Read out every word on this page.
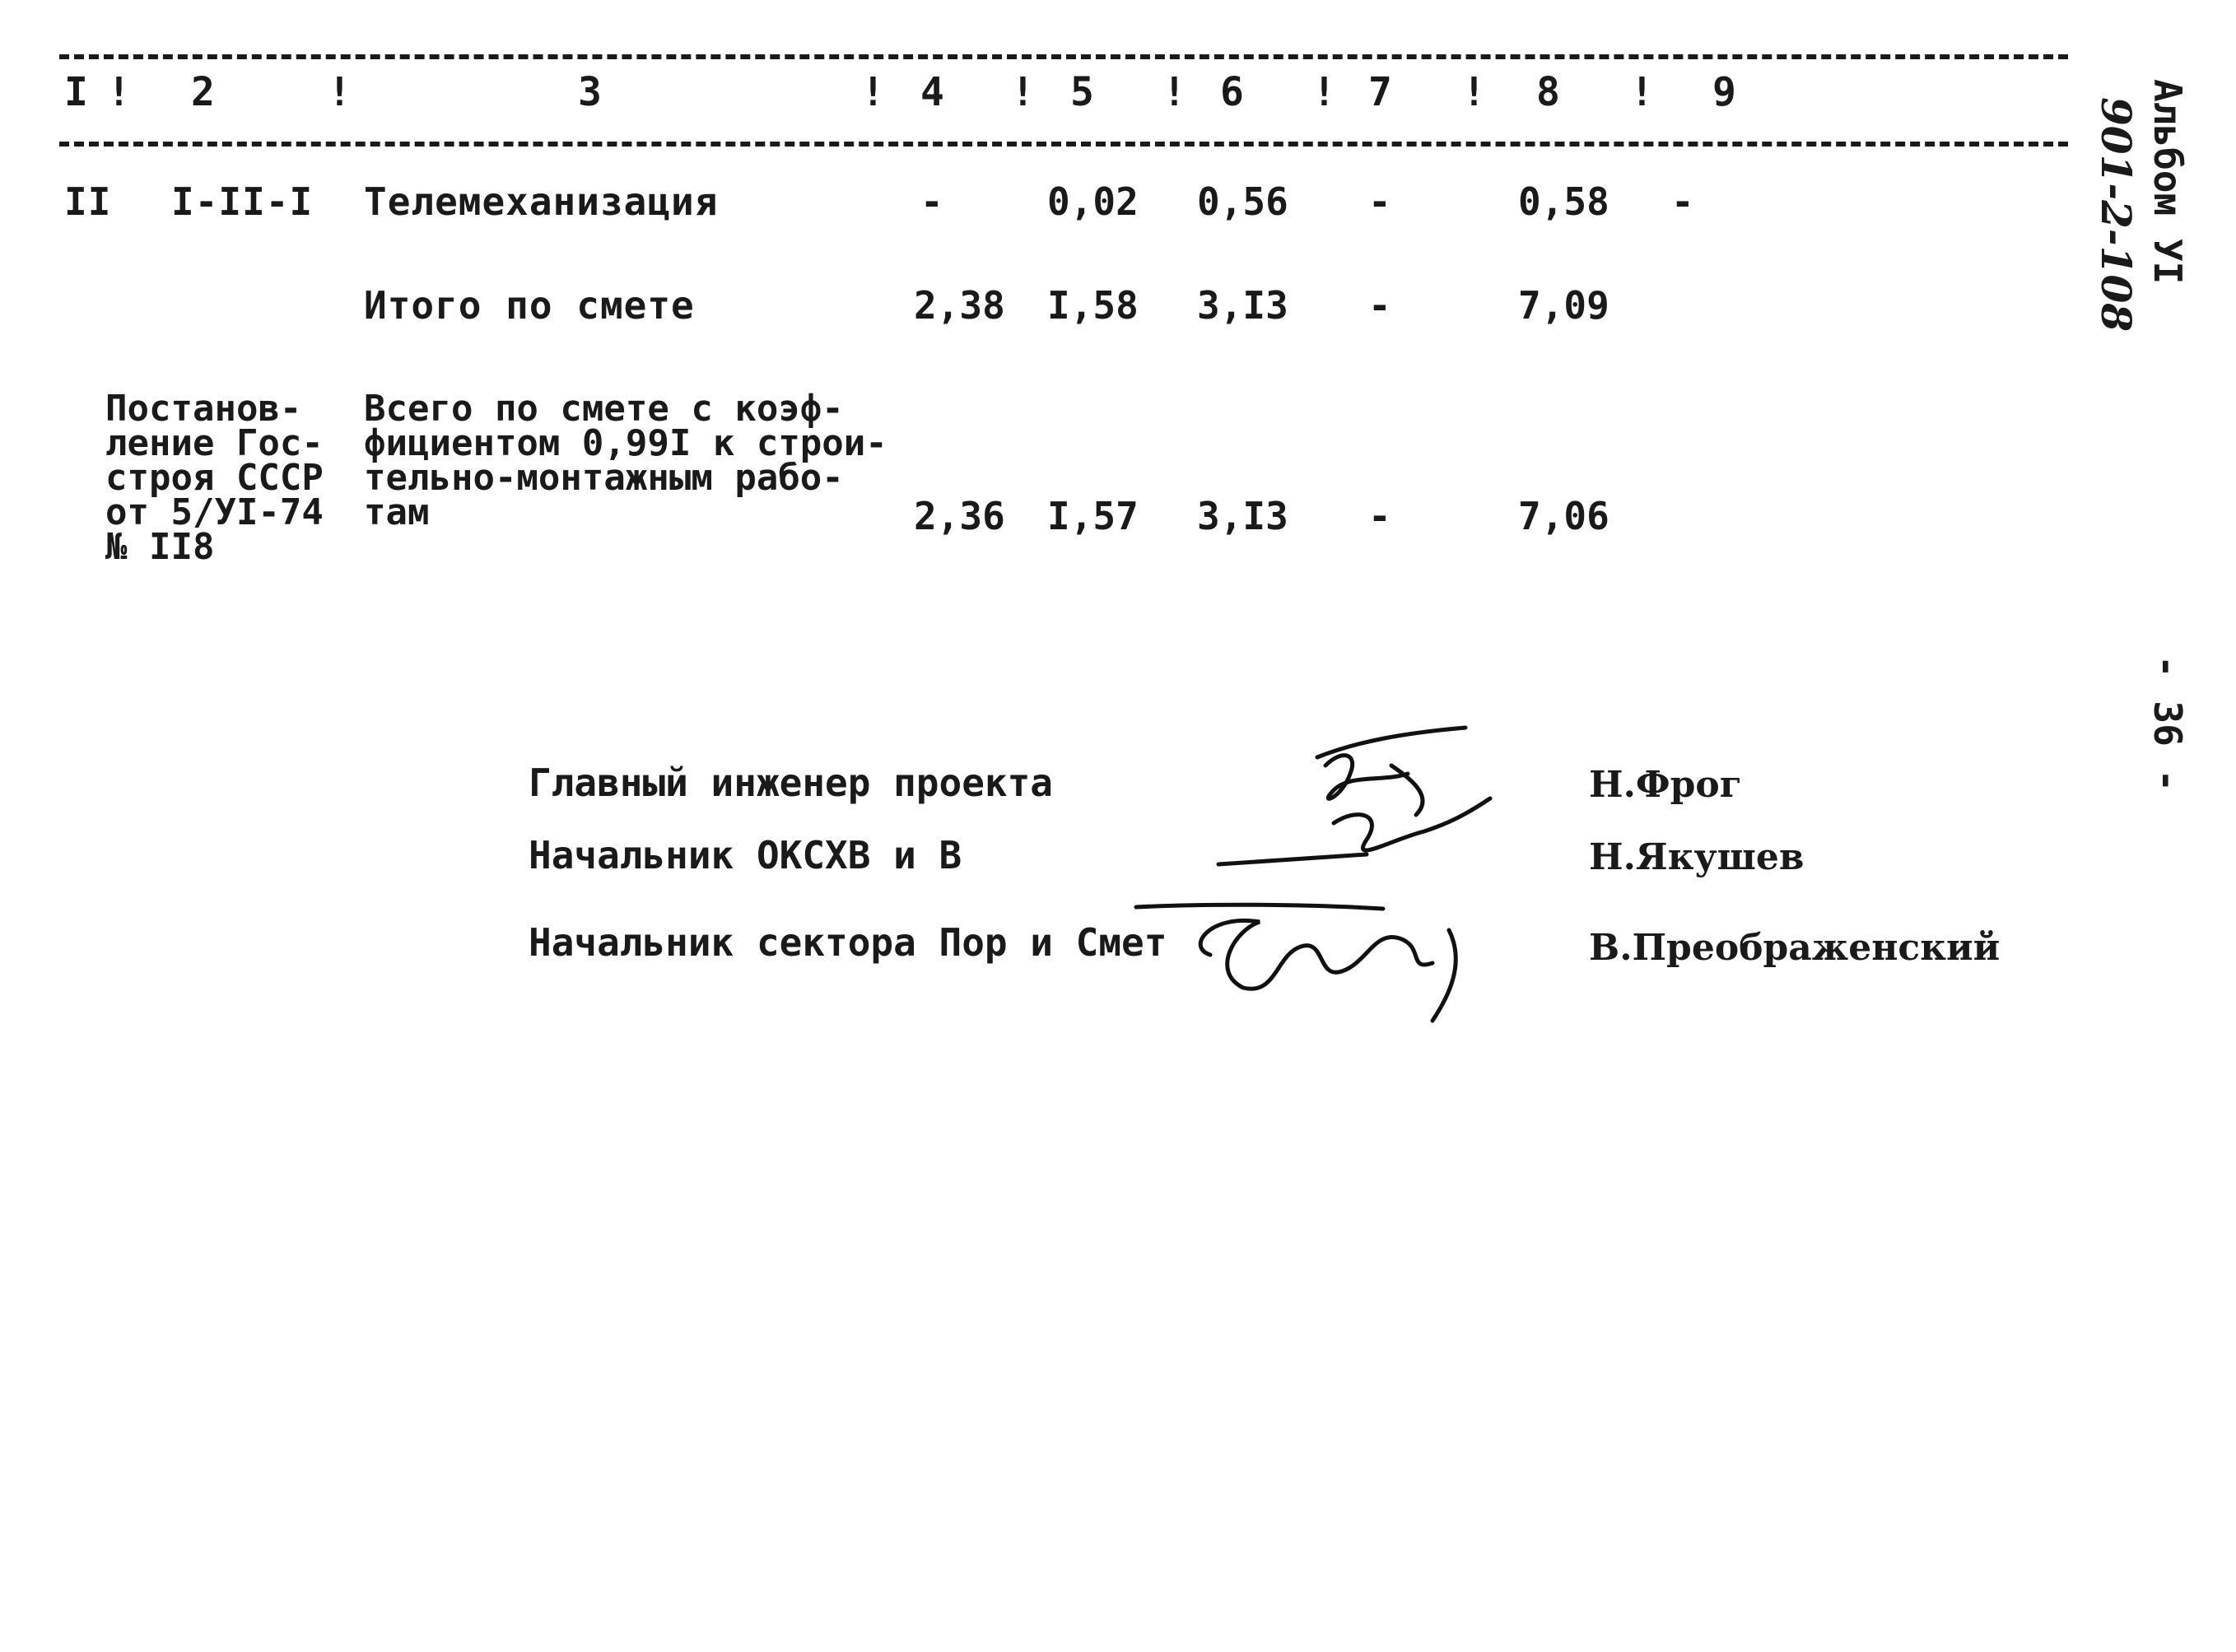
I ! 2	!	3	! 4 ! 5 ! 6 ! 7 ! 8 ! 9
II I-II-I Телемеханизация	-	0,02 0,56 -	0,58 -
Итого по смете	2,38 I,58 3,I3 -	7,09
Постанов-
ление Гос-
строя СССР
от 5/УI-74
№ II8
Всего по смете с коэф-
фициентом 0,99I к строи-
тельно-монтажным рабо-
там	2,36 I,57 3,I3 -	7,06
Альбом УI
901-2-108
- 36 -
Главный инженер проекта	Н.Фрог
Начальник ОКСХВ и В	Н.Якушев
Начальник сектора Пор и Смет	В.Преображенский
